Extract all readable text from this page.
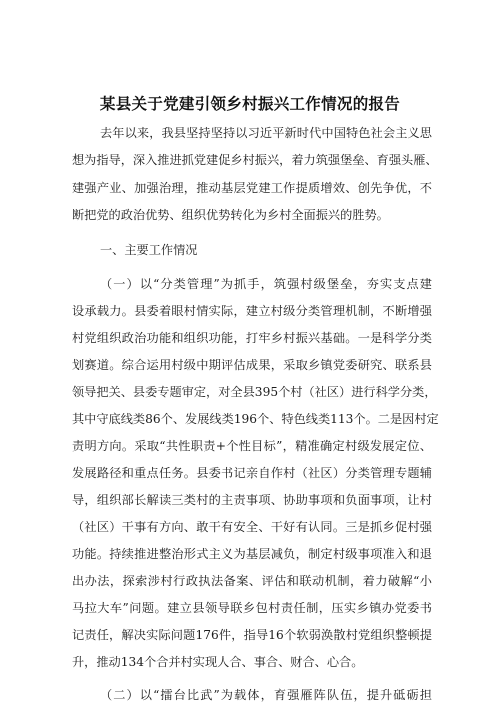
某县关于党建引领乡村振兴工作情况的报告
去年以来，我县坚持坚持以习近平新时代中国特色社会主义思
想为指导，深入推进抓党建促乡村振兴，着力筑强堡垒、育强头雁、
建强产业、加强治理，推动基层党建工作提质增效、创先争优，不
断把党的政治优势、组织优势转化为乡村全面振兴的胜势。
一、主要工作情况
（一）以“分类管理”为抓手，筑强村级堡垒，夯实支点建
设承载力。县委着眼村情实际，建立村级分类管理机制，不断增强
村党组织政治功能和组织功能，打牢乡村振兴基础。一是科学分类
划赛道。综合运用村级中期评估成果，采取乡镇党委研究、联系县
领导把关、县委专题审定，对全县395个村（社区）进行科学分类，
其中守底线类86个、发展线类196个、特色线类113个。二是因村定
责明方向。采取“共性职责+个性目标”，精准确定村级发展定位、
发展路径和重点任务。县委书记亲自作村（社区）分类管理专题辅
导，组织部长解读三类村的主责事项、协助事项和负面事项，让村
（社区）干事有方向、敢干有安全、干好有认同。三是抓乡促村强
功能。持续推进整治形式主义为基层减负，制定村级事项准入和退
出办法，探索涉村行政执法备案、评估和联动机制，着力破解“小
马拉大车”问题。建立县领导联乡包村责任制，压实乡镇办党委书
记责任，解决实际问题176件，指导16个软弱涣散村党组织整顿提
升，推动134个合并村实现人合、事合、财合、心合。
（二）以“擂台比武”为载体，育强雁阵队伍，提升砥砺担
